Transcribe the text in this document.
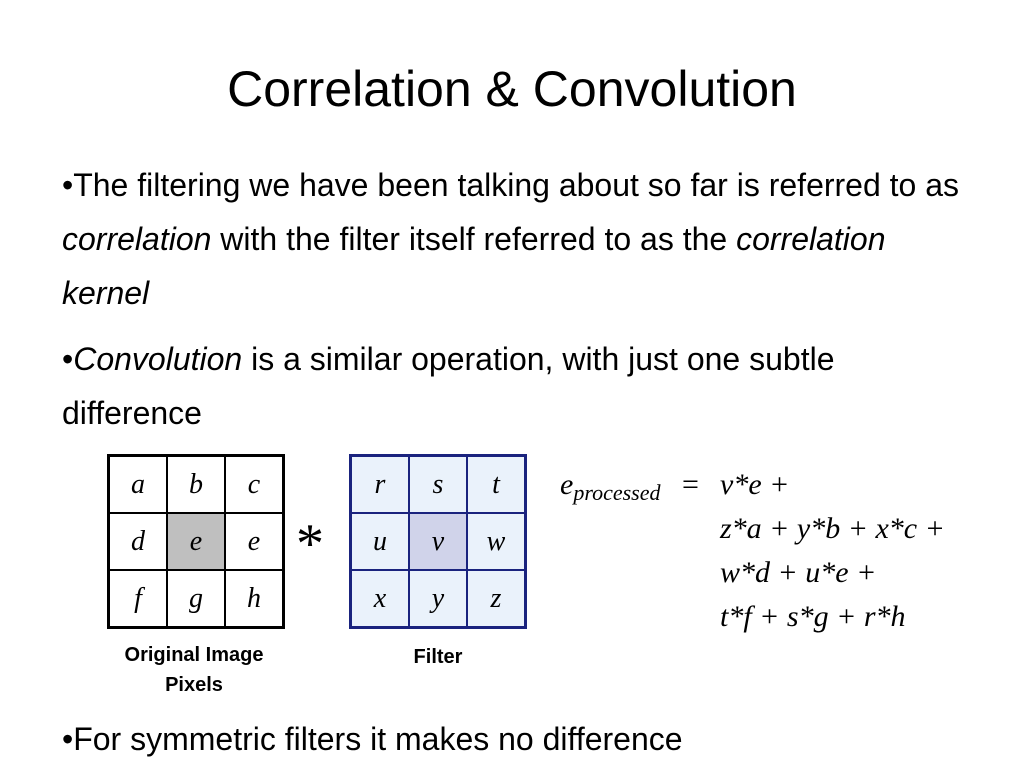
Correlation & Convolution
•The filtering we have been talking about so far is referred to as correlation with the filter itself referred to as the correlation kernel
•Convolution is a similar operation, with just one subtle difference
a	b	c
d	e	e
f	g	h
*
r	s	t
u	v	w
x	y	z
Original Image Pixels
Filter
$e_{processed} = v*e$ +
z*a + y*b + x*c +
w*d + u*e +
t*f + s*g + r*h
•For symmetric filters it makes no difference
